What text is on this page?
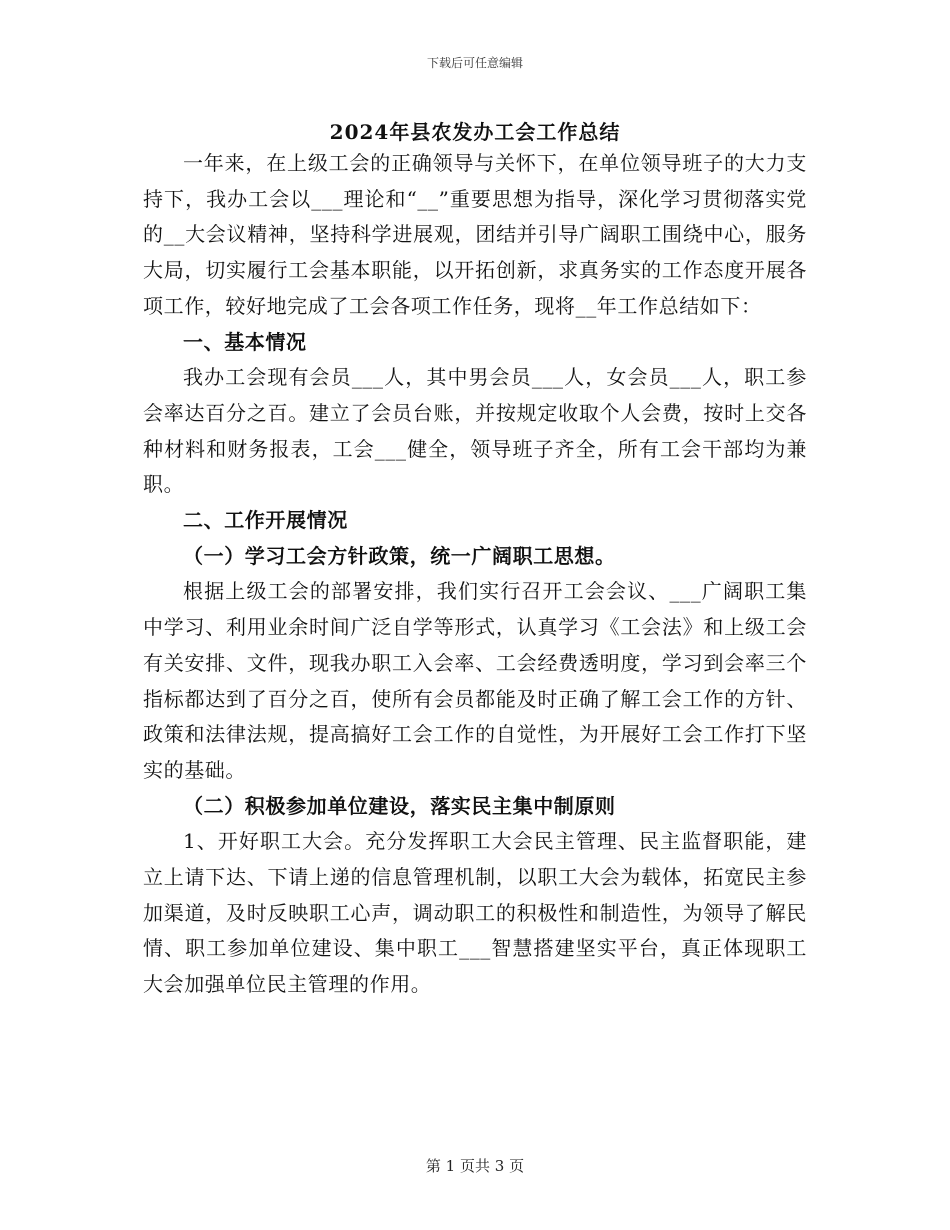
下载后可任意编辑
2024年县农发办工会工作总结

一年来，在上级工会的正确领导与关怀下，在单位领导班子的大力支持下，我办工会以___理论和“__”重要思想为指导，深化学习贯彻落实党的__大会议精神，坚持科学进展观，团结并引导广阔职工围绕中心，服务大局，切实履行工会基本职能，以开拓创新，求真务实的工作态度开展各项工作，较好地完成了工会各项工作任务，现将__年工作总结如下：

一、基本情况

我办工会现有会员___人，其中男会员___人，女会员___人，职工参会率达百分之百。建立了会员台账，并按规定收取个人会费，按时上交各种材料和财务报表，工会___健全，领导班子齐全，所有工会干部均为兼职。

二、工作开展情况
（一）学习工会方针政策，统一广阔职工思想。

根据上级工会的部署安排，我们实行召开工会会议、___广阔职工集中学习、利用业余时间广泛自学等形式，认真学习《工会法》和上级工会有关安排、文件，现我办职工入会率、工会经费透明度，学习到会率三个指标都达到了百分之百，使所有会员都能及时正确了解工会工作的方针、政策和法律法规，提高搞好工会工作的自觉性，为开展好工会工作打下坚实的基础。

（二）积极参加单位建设，落实民主集中制原则

1、开好职工大会。充分发挥职工大会民主管理、民主监督职能，建立上请下达、下请上递的信息管理机制，以职工大会为载体，拓宽民主参加渠道，及时反映职工心声，调动职工的积极性和制造性，为领导了解民情、职工参加单位建设、集中职工___智慧搭建坚实平台，真正体现职工大会加强单位民主管理的作用。

第 1 页共 3 页
